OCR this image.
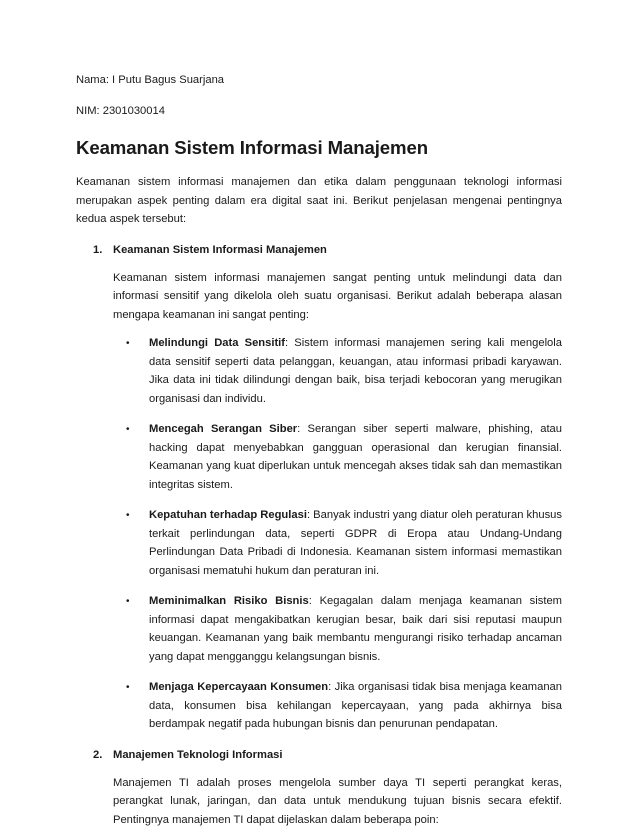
Nama: I Putu Bagus Suarjana

NIM: 2301030014

Keamanan Sistem Informasi Manajemen

Keamanan sistem informasi manajemen dan etika dalam penggunaan teknologi informasi merupakan aspek penting dalam era digital saat ini. Berikut penjelasan mengenai pentingnya kedua aspek tersebut:

1. Keamanan Sistem Informasi Manajemen

Keamanan sistem informasi manajemen sangat penting untuk melindungi data dan informasi sensitif yang dikelola oleh suatu organisasi. Berikut adalah beberapa alasan mengapa keamanan ini sangat penting:

•	Melindungi Data Sensitif: Sistem informasi manajemen sering kali mengelola data sensitif seperti data pelanggan, keuangan, atau informasi pribadi karyawan. Jika data ini tidak dilindungi dengan baik, bisa terjadi kebocoran yang merugikan organisasi dan individu.
•	Mencegah Serangan Siber: Serangan siber seperti malware, phishing, atau hacking dapat menyebabkan gangguan operasional dan kerugian finansial. Keamanan yang kuat diperlukan untuk mencegah akses tidak sah dan memastikan integritas sistem.
•	Kepatuhan terhadap Regulasi: Banyak industri yang diatur oleh peraturan khusus terkait perlindungan data, seperti GDPR di Eropa atau Undang-Undang Perlindungan Data Pribadi di Indonesia. Keamanan sistem informasi memastikan organisasi mematuhi hukum dan peraturan ini.
•	Meminimalkan Risiko Bisnis: Kegagalan dalam menjaga keamanan sistem informasi dapat mengakibatkan kerugian besar, baik dari sisi reputasi maupun keuangan. Keamanan yang baik membantu mengurangi risiko terhadap ancaman yang dapat mengganggu kelangsungan bisnis.
•	Menjaga Kepercayaan Konsumen: Jika organisasi tidak bisa menjaga keamanan data, konsumen bisa kehilangan kepercayaan, yang pada akhirnya bisa berdampak negatif pada hubungan bisnis dan penurunan pendapatan.
2. Manajemen Teknologi Informasi

Manajemen TI adalah proses mengelola sumber daya TI seperti perangkat keras, perangkat lunak, jaringan, dan data untuk mendukung tujuan bisnis secara efektif. Pentingnya manajemen TI dapat dijelaskan dalam beberapa poin:
